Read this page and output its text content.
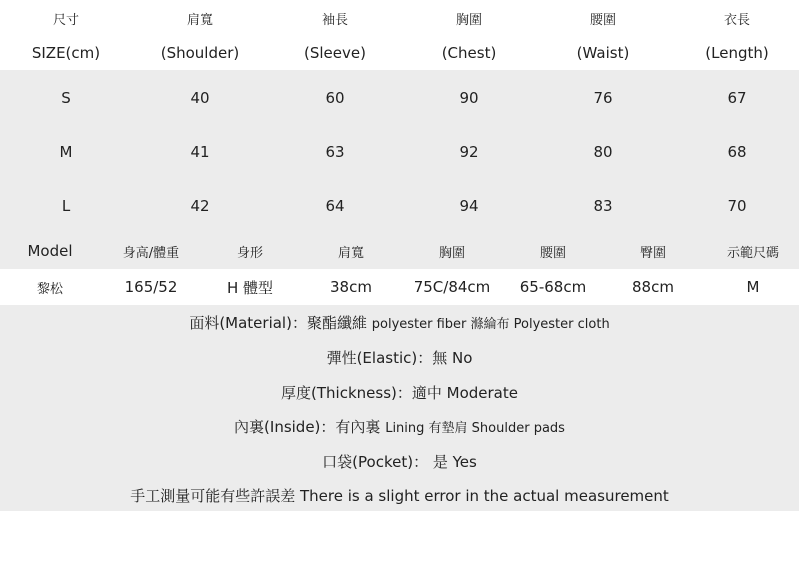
尺寸	肩寬	袖長	胸圍	腰圍	衣長
SIZE(cm)	(Shoulder)	(Sleeve)	(Chest)	(Waist)	(Length)
S	40	60	90	76	67
M	41	63	92	80	68
L	42	64	94	83	70
Model	身高/體重	身形	肩寬	胸圍	腰圍	臀圍	示範尺碼
黎松	165/52	H 體型	38cm	75C/84cm	65-68cm	88cm	M
面料(Material)：聚酯纖維 polyester fiber 滌綸布 Polyester cloth
彈性(Elastic)：無 No
厚度(Thickness)：適中 Moderate
內裏(Inside)：有內裏 Lining 有墊肩 Shoulder pads
口袋(Pocket)： 是 Yes
手工測量可能有些許誤差 There is a slight error in the actual measurement
